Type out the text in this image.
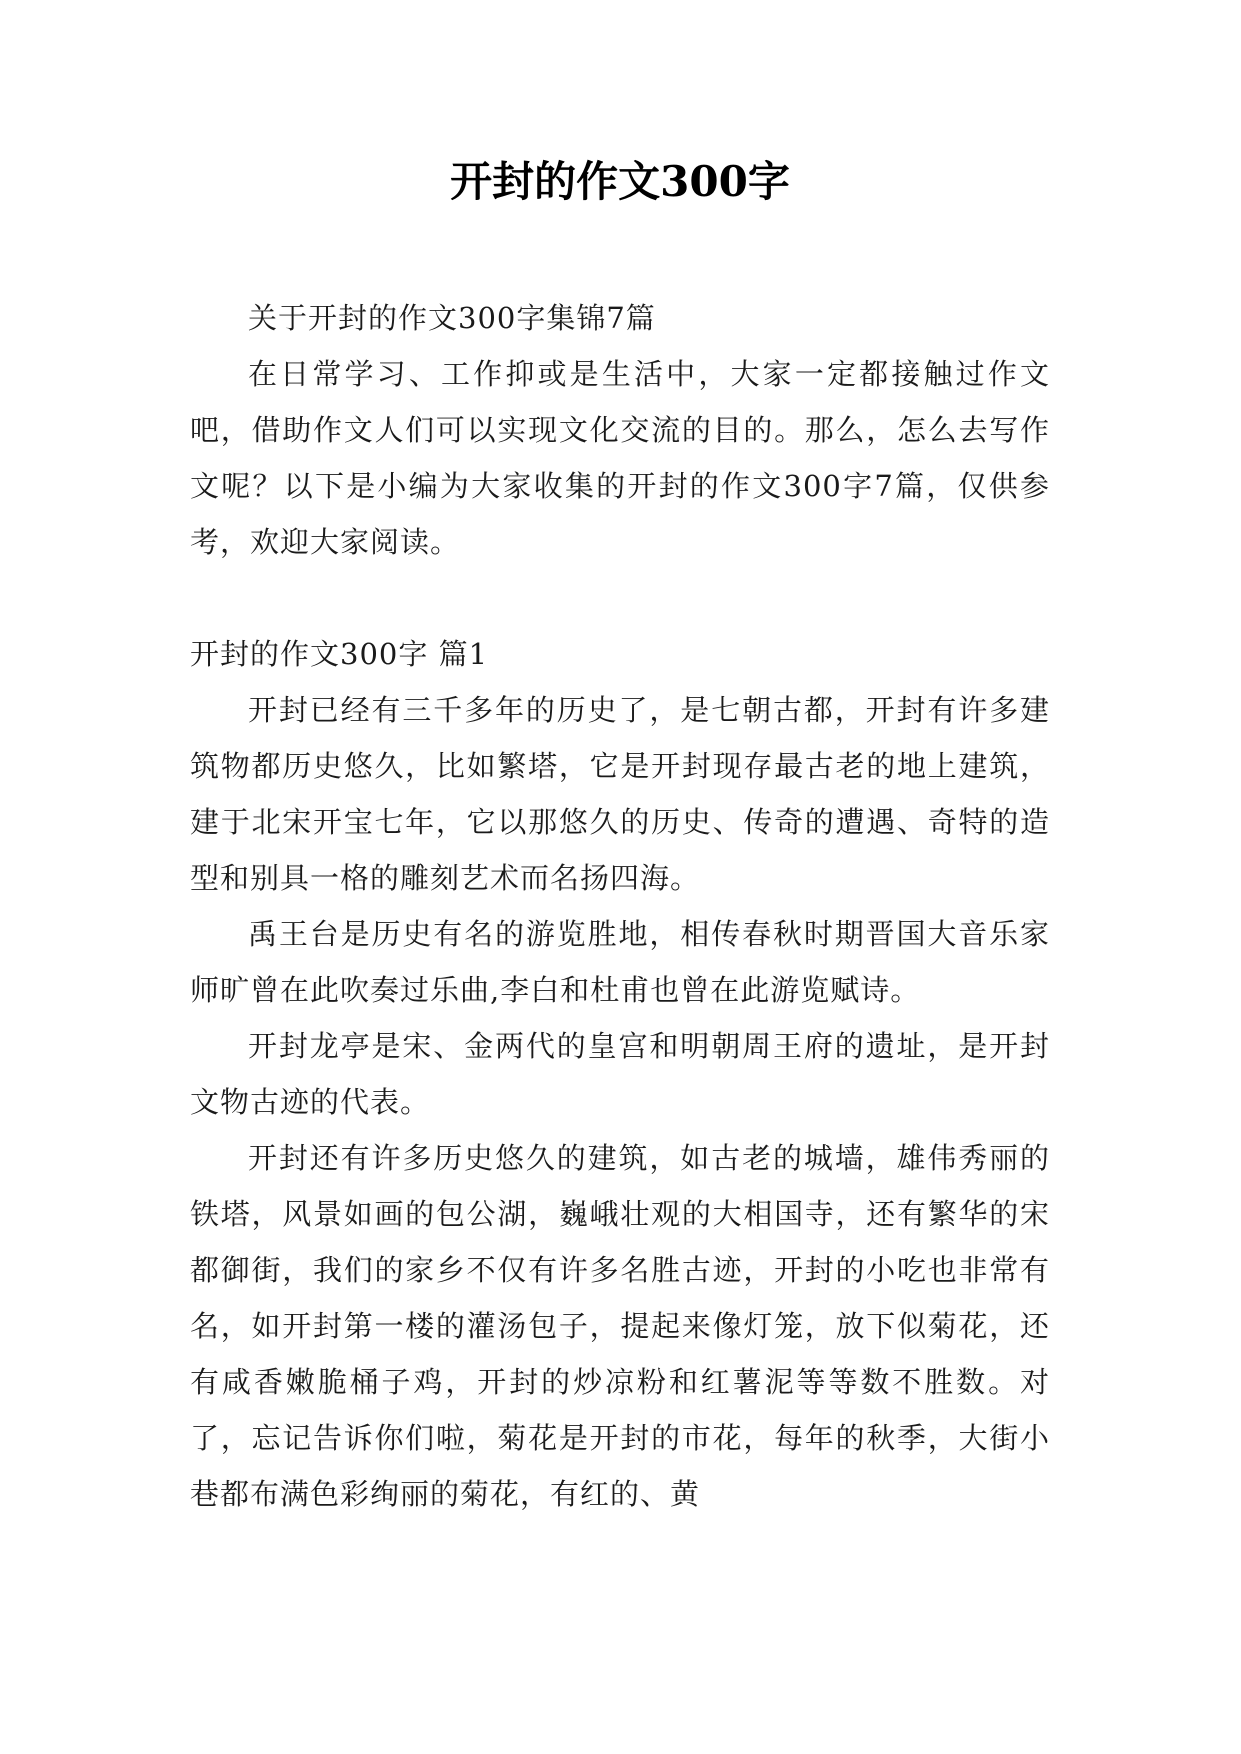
开封的作文300字

关于开封的作文300字集锦7篇

在日常学习、工作抑或是生活中，大家一定都接触过作文吧，借助作文人们可以实现文化交流的目的。那么，怎么去写作文呢？以下是小编为大家收集的开封的作文300字7篇，仅供参考，欢迎大家阅读。

开封的作文300字 篇1

开封已经有三千多年的历史了，是七朝古都，开封有许多建筑物都历史悠久，比如繁塔，它是开封现存最古老的地上建筑，建于北宋开宝七年，它以那悠久的历史、传奇的遭遇、奇特的造型和别具一格的雕刻艺术而名扬四海。

禹王台是历史有名的游览胜地，相传春秋时期晋国大音乐家师旷曾在此吹奏过乐曲,李白和杜甫也曾在此游览赋诗。

开封龙亭是宋、金两代的皇宫和明朝周王府的遗址，是开封文物古迹的代表。

开封还有许多历史悠久的建筑，如古老的城墙，雄伟秀丽的铁塔，风景如画的包公湖，巍峨壮观的大相国寺，还有繁华的宋都御街，我们的家乡不仅有许多名胜古迹，开封的小吃也非常有名，如开封第一楼的灌汤包子，提起来像灯笼，放下似菊花，还有咸香嫩脆桶子鸡，开封的炒凉粉和红薯泥等等数不胜数。对了，忘记告诉你们啦，菊花是开封的市花，每年的秋季，大街小巷都布满色彩绚丽的菊花，有红的、黄
